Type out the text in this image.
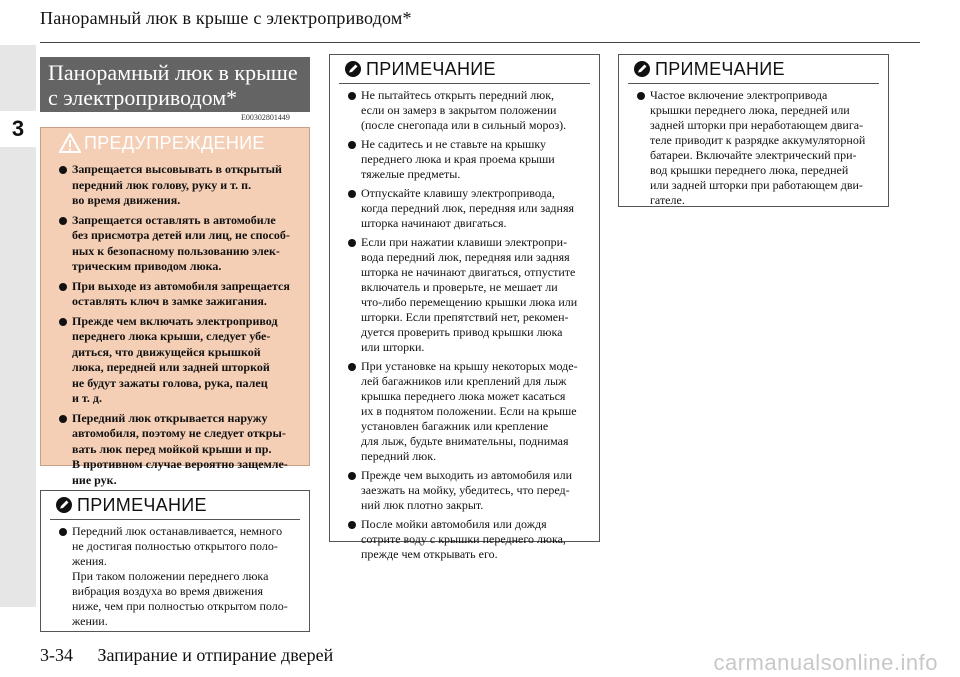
Панорамный люк в крыше с электроприводом*
3
Панорамный люк в крыше
с электроприводом*
E00302801449
ПРЕДУПРЕЖДЕНИЕ
Запрещается высовывать в открытый
передний люк голову, руку и т. п.
во время движения.
Запрещается оставлять в автомобиле
без присмотра детей или лиц, не способ-
ных к безопасному пользованию элек-
трическим приводом люка.
При выходе из автомобиля запрещается
оставлять ключ в замке зажигания.
Прежде чем включать электропривод
переднего люка крыши, следует убе-
диться, что движущейся крышкой
люка, передней или задней шторкой
не будут зажаты голова, рука, палец
и т. д.
Передний люк открывается наружу
автомобиля, поэтому не следует откры-
вать люк перед мойкой крыши и пр.
В противном случае вероятно защемле-
ние рук.
ПРИМЕЧАНИЕ
Передний люк останавливается, немного
не достигая полностью открытого поло-
жения.
При таком положении переднего люка
вибрация воздуха во время движения
ниже, чем при полностью открытом поло-
жении.
ПРИМЕЧАНИЕ
Не пытайтесь открыть передний люк,
если он замерз в закрытом положении
(после снегопада или в сильный мороз).
Не садитесь и не ставьте на крышку
переднего люка и края проема крыши
тяжелые предметы.
Отпускайте клавишу электропривода,
когда передний люк, передняя или задняя
шторка начинают двигаться.
Если при нажатии клавиши электропри-
вода передний люк, передняя или задняя
шторка не начинают двигаться, отпустите
включатель и проверьте, не мешает ли
что-либо перемещению крышки люка или
шторки. Если препятствий нет, рекомен-
дуется проверить привод крышки люка
или шторки.
При установке на крышу некоторых моде-
лей багажников или креплений для лыж
крышка переднего люка может касаться
их в поднятом положении. Если на крыше
установлен багажник или крепление
для лыж, будьте внимательны, поднимая
передний люк.
Прежде чем выходить из автомобиля или
заезжать на мойку, убедитесь, что перед-
ний люк плотно закрыт.
После мойки автомобиля или дождя
сотрите воду с крышки переднего люка,
прежде чем открывать его.
ПРИМЕЧАНИЕ
Частое включение электропривода
крышки переднего люка, передней или
задней шторки при неработающем двига-
теле приводит к разрядке аккумуляторной
батареи. Включайте электрический при-
вод крышки переднего люка, передней
или задней шторки при работающем дви-
гателе.
3-34 Запирание и отпирание дверей	carmanualsonline.info
